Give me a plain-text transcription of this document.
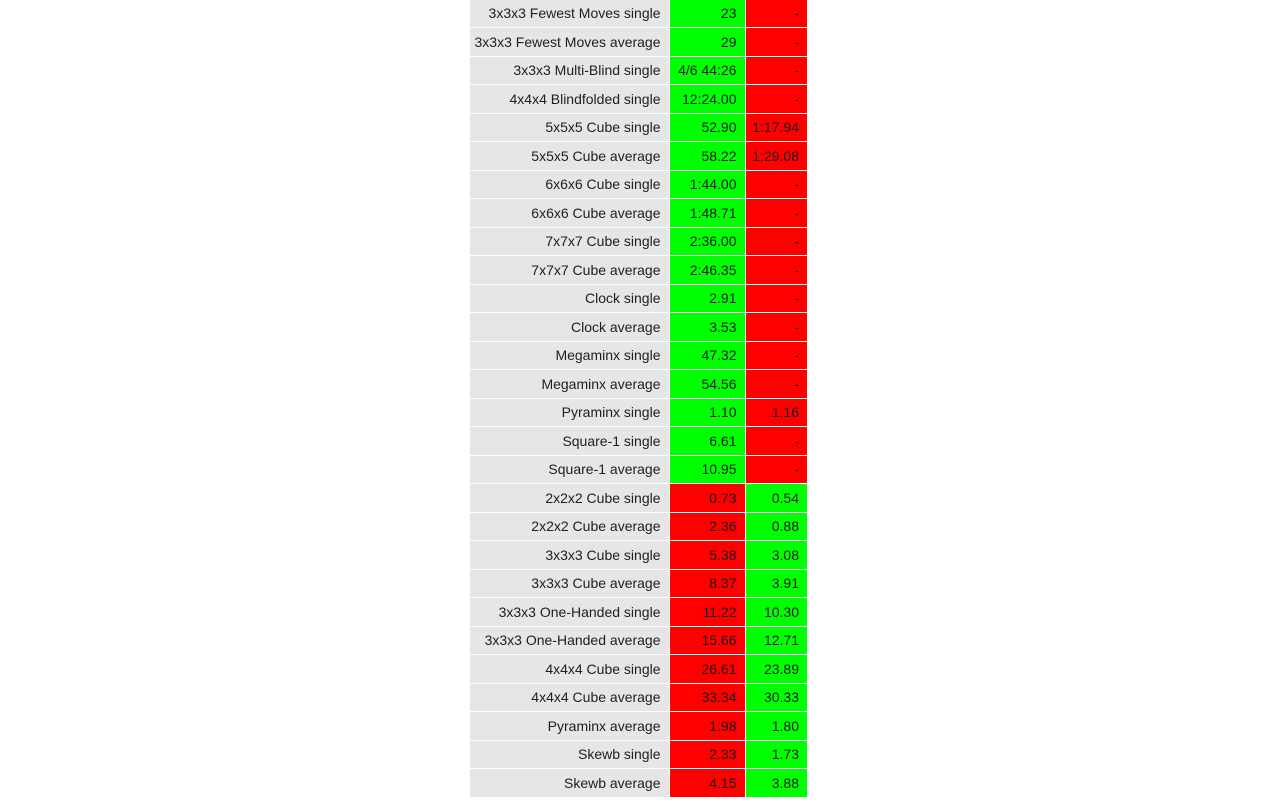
3x3x3 Fewest Moves single	23	-
3x3x3 Fewest Moves average	29	-
3x3x3 Multi-Blind single	4/6 44:26	-
4x4x4 Blindfolded single	12:24.00	-
5x5x5 Cube single	52.90	1:17.94
5x5x5 Cube average	58.22	1:29.08
6x6x6 Cube single	1:44.00	-
6x6x6 Cube average	1:48.71	-
7x7x7 Cube single	2:36.00	-
7x7x7 Cube average	2:46.35	-
Clock single	2.91	-
Clock average	3.53	-
Megaminx single	47.32	-
Megaminx average	54.56	-
Pyraminx single	1.10	1.16
Square-1 single	6.61	-
Square-1 average	10.95	-
2x2x2 Cube single	0.73	0.54
2x2x2 Cube average	2.36	0.88
3x3x3 Cube single	5.38	3.08
3x3x3 Cube average	8.37	3.91
3x3x3 One-Handed single	11.22	10.30
3x3x3 One-Handed average	15.66	12.71
4x4x4 Cube single	26.61	23.89
4x4x4 Cube average	33.34	30.33
Pyraminx average	1.98	1.80
Skewb single	2.33	1.73
Skewb average	4.15	3.88
